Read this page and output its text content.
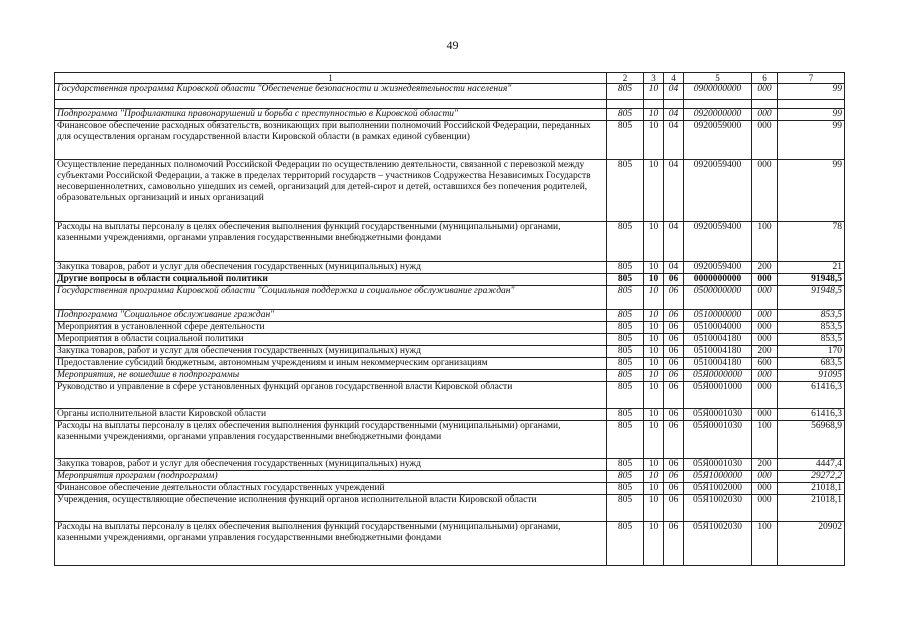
49
1	2	3	4	5	6	7
Государственная программа Кировской области "Обеспечение безопасности и жизнедеятельности населения"	805	10	04	0900000000	000	99

Подпрограмма "Профилактика правонарушений и борьба с преступностью в Кировской области"	805	10	04	0920000000	000	99
Финансовое обеспечение расходных обязательств, возникающих при выполнении полномочий Российской Федерации, переданных для осуществления органам государственной власти Кировской области (в рамках единой субвенции)	805	10	04	0920059000	000	99
Осуществление переданных полномочий Российской Федерации по осуществлению деятельности, связанной с перевозкой между субъектами Российской Федерации, а также в пределах территорий государств – участников Содружества Независимых Государств несовершеннолетних, самовольно ушедших из семей, организаций для детей-сирот и детей, оставшихся без попечения родителей, образовательных организаций и иных организаций	805	10	04	0920059400	000	99
Расходы на выплаты персоналу в целях обеспечения выполнения функций государственными (муниципальными) органами, казенными учреждениями, органами управления государственными внебюджетными фондами	805	10	04	0920059400	100	78
Закупка товаров, работ и услуг для обеспечения государственных (муниципальных) нужд	805	10	04	0920059400	200	21
Другие вопросы в области социальной политики	805	10	06	0000000000	000	91948,5
Государственная программа Кировской области "Социальная поддержка и социальное обслуживание граждан"	805	10	06	0500000000	000	91948,5
Подпрограмма "Социальное обслуживание граждан"	805	10	06	0510000000	000	853,5
Мероприятия в установленной сфере деятельности	805	10	06	0510004000	000	853,5
Мероприятия в области социальной политики	805	10	06	0510004180	000	853,5
Закупка товаров, работ и услуг для обеспечения государственных (муниципальных) нужд	805	10	06	0510004180	200	170
Предоставление субсидий бюджетным, автономным учреждениям и иным некоммерческим организациям	805	10	06	0510004180	600	683,5
Мероприятия, не вошедшие в подпрограммы	805	10	06	05Я0000000	000	91095
Руководство и управление в сфере установленных функций органов государственной власти Кировской области	805	10	06	05Я0001000	000	61416,3
Органы исполнительной власти Кировской области	805	10	06	05Я0001030	000	61416,3
Расходы на выплаты персоналу в целях обеспечения выполнения функций государственными (муниципальными) органами, казенными учреждениями, органами управления государственными внебюджетными фондами	805	10	06	05Я0001030	100	56968,9
Закупка товаров, работ и услуг для обеспечения государственных (муниципальных) нужд	805	10	06	05Я0001030	200	4447,4
Мероприятия программ (подпрограмм)	805	10	06	05Я1000000	000	29272,2
Финансовое обеспечение деятельности областных государственных учреждений	805	10	06	05Я1002000	000	21018,1
Учреждения, осуществляющие обеспечение исполнения функций органов исполнительной власти Кировской области	805	10	06	05Я1002030	000	21018,1
Расходы на выплаты персоналу в целях обеспечения выполнения функций государственными (муниципальными) органами, казенными учреждениями, органами управления государственными внебюджетными фондами	805	10	06	05Я1002030	100	20902
